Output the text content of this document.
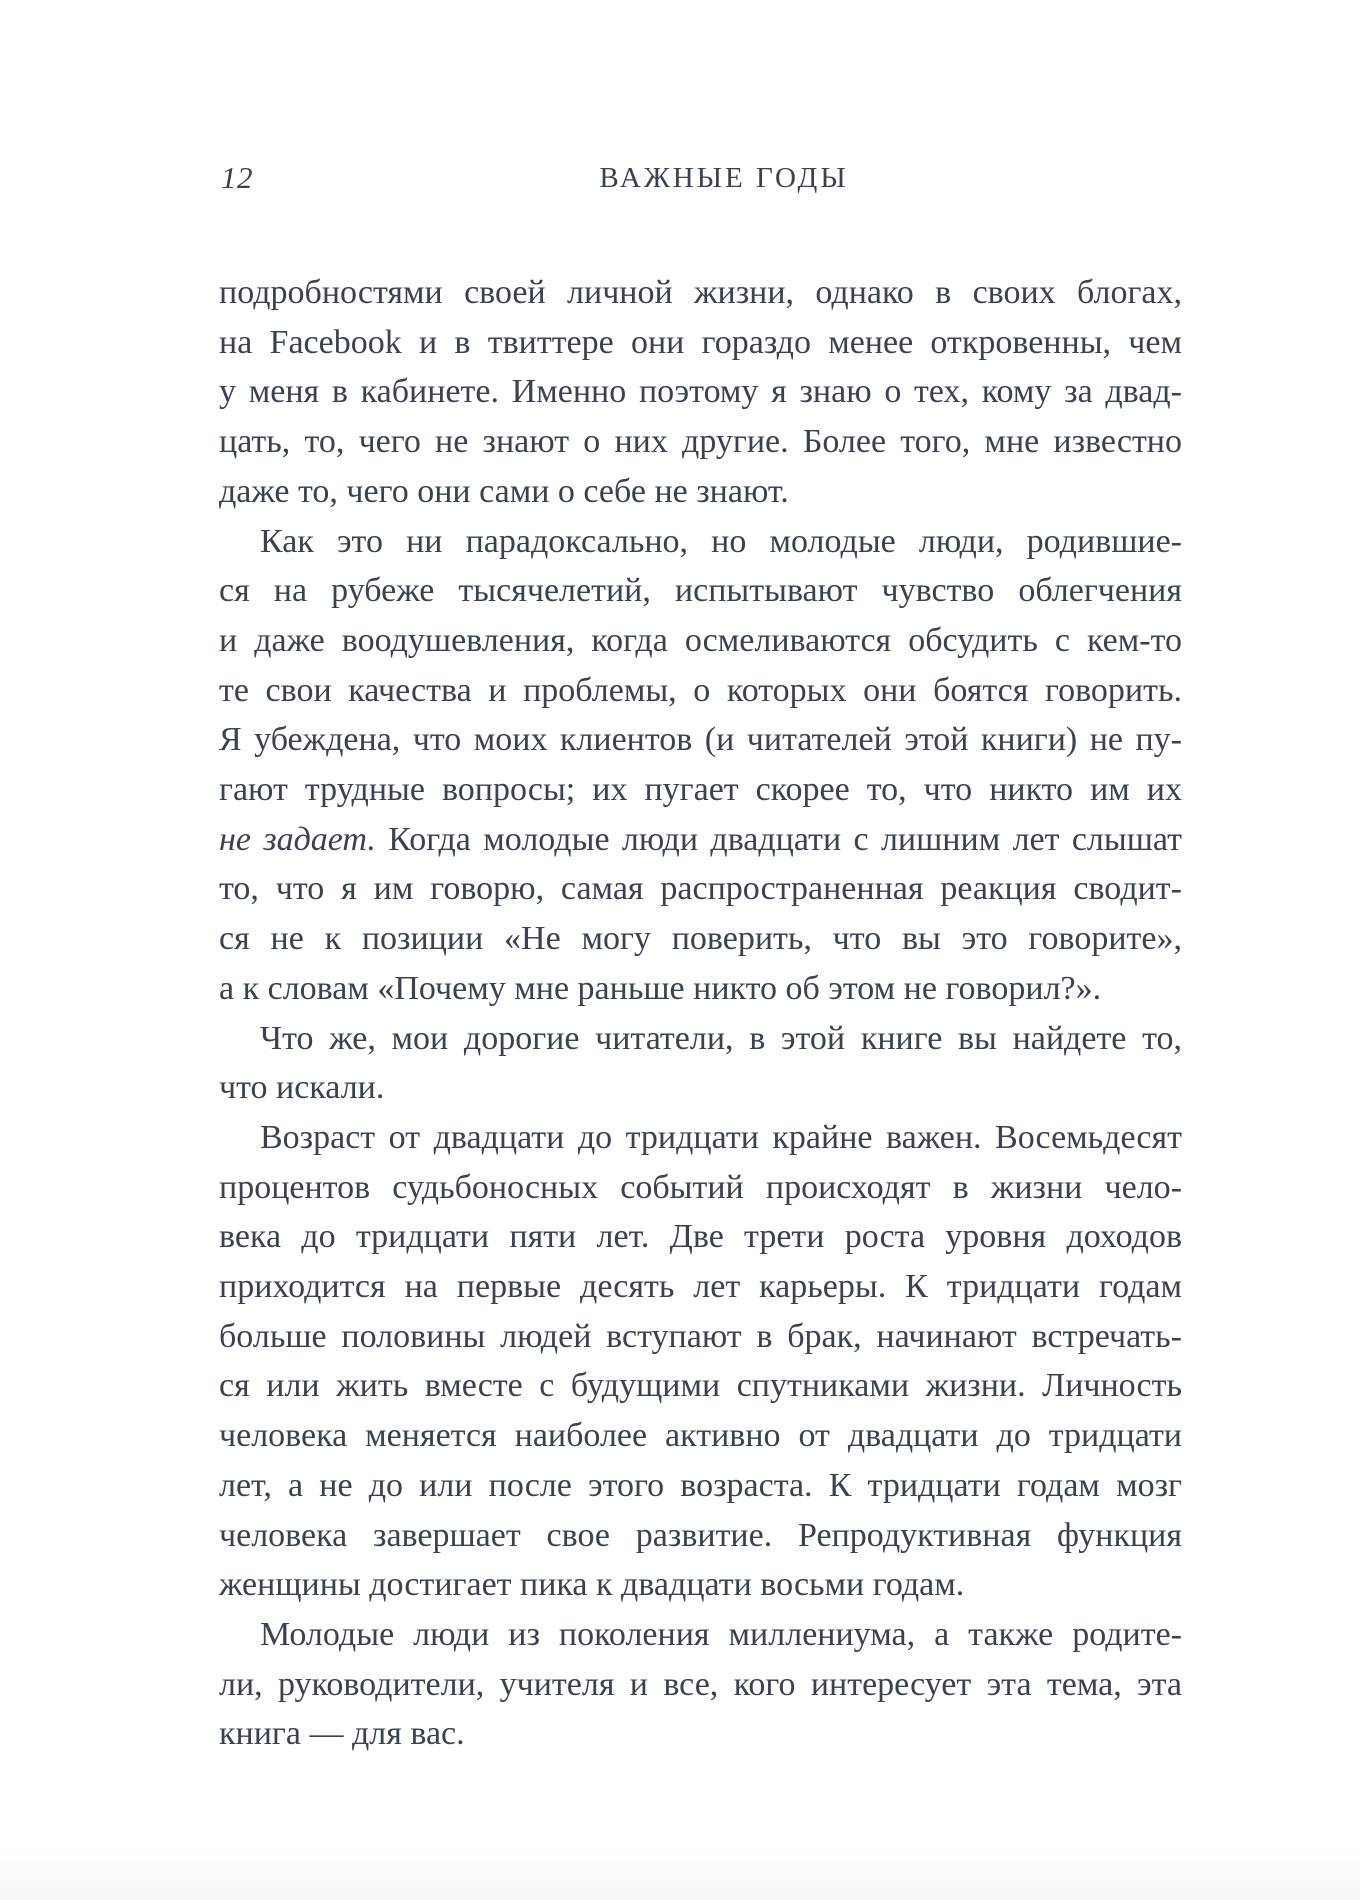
12	ВАЖНЫЕ ГОДЫ
подробностями своей личной жизни, однако в своих блогах,
на Facebook и в твиттере они гораздо менее откровенны, чем
у меня в кабинете. Именно поэтому я знаю о тех, кому за двад-
цать, то, чего не знают о них другие. Более того, мне известно
даже то, чего они сами о себе не знают.
Как это ни парадоксально, но молодые люди, родившие-
ся на рубеже тысячелетий, испытывают чувство облегчения
и даже воодушевления, когда осмеливаются обсудить с кем-то
те свои качества и проблемы, о которых они боятся говорить.
Я убеждена, что моих клиентов (и читателей этой книги) не пу-
гают трудные вопросы; их пугает скорее то, что никто им их
не задает. Когда молодые люди двадцати с лишним лет слышат
то, что я им говорю, самая распространенная реакция сводит-
ся не к позиции «Не могу поверить, что вы это говорите»,
а к словам «Почему мне раньше никто об этом не говорил?».
Что же, мои дорогие читатели, в этой книге вы найдете то,
что искали.
Возраст от двадцати до тридцати крайне важен. Восемьдесят
процентов судьбоносных событий происходят в жизни чело-
века до тридцати пяти лет. Две трети роста уровня доходов
приходится на первые десять лет карьеры. К тридцати годам
больше половины людей вступают в брак, начинают встречать-
ся или жить вместе с будущими спутниками жизни. Личность
человека меняется наиболее активно от двадцати до тридцати
лет, а не до или после этого возраста. К тридцати годам мозг
человека завершает свое развитие. Репродуктивная функция
женщины достигает пика к двадцати восьми годам.
Молодые люди из поколения миллениума, а также родите-
ли, руководители, учителя и все, кого интересует эта тема, эта
книга — для вас.
